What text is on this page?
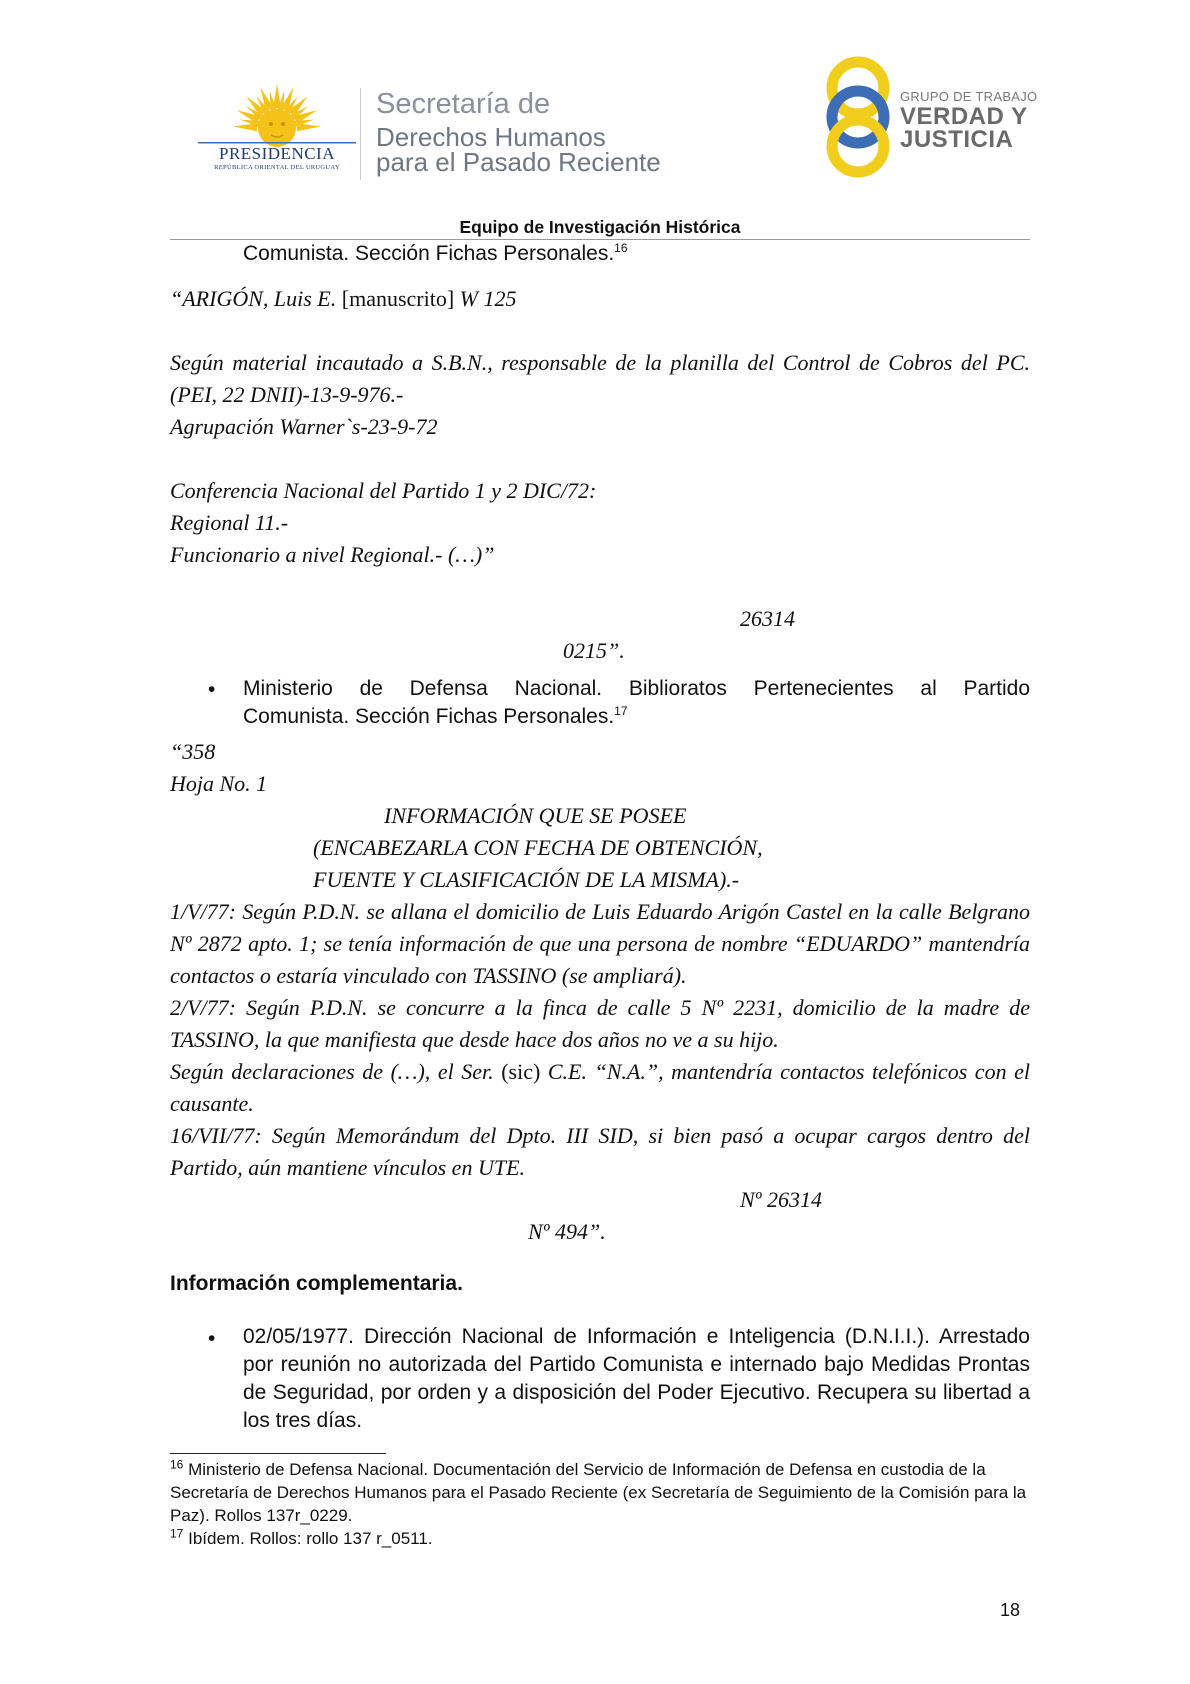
PRESIDENCIA
REPÚBLICA ORIENTAL DEL URUGUAY
Secretaría de
Derechos Humanos
para el Pasado Reciente
GRUPO DE TRABAJO
VERDAD Y
JUSTICIA
Equipo de Investigación Histórica
Comunista. Sección Fichas Personales.$^{16}$
“ARIGÓN, Luis E. [manuscrito] W 125
Según material incautado a S.B.N., responsable de la planilla del Control de Cobros del PC. (PEI, 22 DNII)-13-9-976.-
Agrupación Warner`s-23-9-72
Conferencia Nacional del Partido 1 y 2 DIC/72:
Regional 11.-
Funcionario a nivel Regional.- (…)”
26314
0215”.
• Ministerio de Defensa Nacional. Biblioratos Pertenecientes al Partido
Comunista. Sección Fichas Personales.$^{17}$
“358
Hoja No. 1
INFORMACIÓN QUE SE POSEE
(ENCABEZARLA CON FECHA DE OBTENCIÓN,
FUENTE Y CLASIFICACIÓN DE LA MISMA).-
1/V/77: Según P.D.N. se allana el domicilio de Luis Eduardo Arigón Castel en la calle Belgrano Nº 2872 apto. 1; se tenía información de que una persona de nombre “EDUARDO” mantendría contactos o estaría vinculado con TASSINO (se ampliará).
2/V/77: Según P.D.N. se concurre a la finca de calle 5 Nº 2231, domicilio de la madre de TASSINO, la que manifiesta que desde hace dos años no ve a su hijo.
Según declaraciones de (…), el Ser. (sic) C.E. “N.A.”, mantendría contactos telefónicos con el causante.
16/VII/77: Según Memorándum del Dpto. III SID, si bien pasó a ocupar cargos dentro del Partido, aún mantiene vínculos en UTE.
Nº 26314
Nº 494”.
Información complementaria.
• 02/05/1977. Dirección Nacional de Información e Inteligencia (D.N.I.I.). Arrestado por reunión no autorizada del Partido Comunista e internado bajo Medidas Prontas de Seguridad, por orden y a disposición del Poder Ejecutivo. Recupera su libertad a los tres días.
$^{16}$ Ministerio de Defensa Nacional. Documentación del Servicio de Información de Defensa en custodia de la Secretaría de Derechos Humanos para el Pasado Reciente (ex Secretaría de Seguimiento de la Comisión para la Paz). Rollos 137r_0229.
$^{17}$ Ibídem. Rollos: rollo 137 r_0511.
18
